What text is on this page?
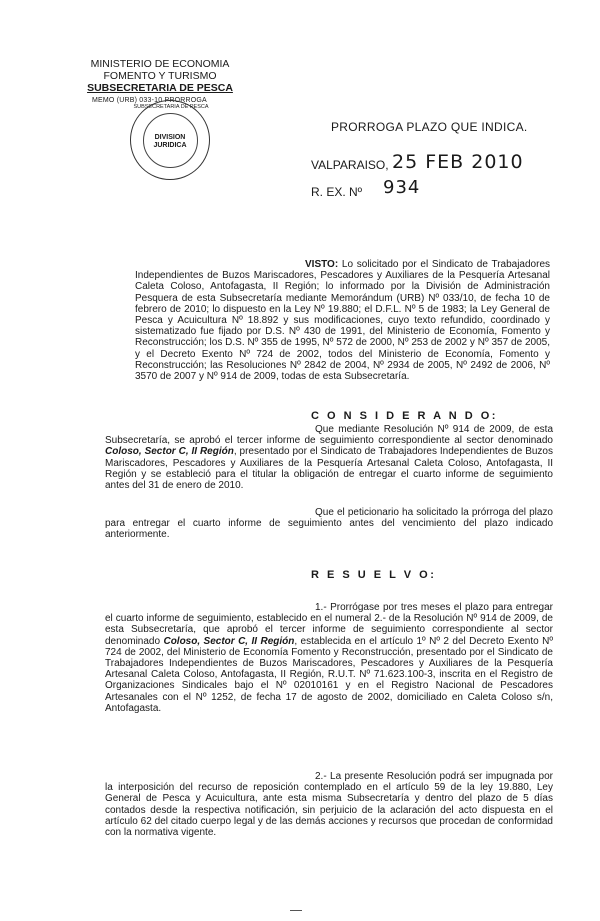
MINISTERIO DE ECONOMIA
FOMENTO Y TURISMO
SUBSECRETARIA DE PESCA
MEMO (URB) 033-10 PRORROGA
SUBSECRETARIA DE PESCA
DIVISION
JURIDICA
PRORROGA PLAZO QUE INDICA.
VALPARAISO, 25 FEB 2010
R. EX. Nº 934
VISTO: Lo solicitado por el Sindicato de Trabajadores Independientes de Buzos Mariscadores, Pescadores y Auxiliares de la Pesquería Artesanal Caleta Coloso, Antofagasta, II Región; lo informado por la División de Administración Pesquera de esta Subsecretaría mediante Memorándum (URB) Nº 033/10, de fecha 10 de febrero de 2010; lo dispuesto en la Ley Nº 19.880; el D.F.L. Nº 5 de 1983; la Ley General de Pesca y Acuicultura Nº 18.892 y sus modificaciones, cuyo texto refundido, coordinado y sistematizado fue fijado por D.S. Nº 430 de 1991, del Ministerio de Economía, Fomento y Reconstrucción; los D.S. Nº 355 de 1995, Nº 572 de 2000, Nº 253 de 2002 y Nº 357 de 2005, y el Decreto Exento Nº 724 de 2002, todos del Ministerio de Economía, Fomento y Reconstrucción; las Resoluciones Nº 2842 de 2004, Nº 2934 de 2005, Nº 2492 de 2006, Nº 3570 de 2007 y Nº 914 de 2009, todas de esta Subsecretaría.
C O N S I D E R A N D O:
Que mediante Resolución Nº 914 de 2009, de esta Subsecretaría, se aprobó el tercer informe de seguimiento correspondiente al sector denominado Coloso, Sector C, II Región, presentado por el Sindicato de Trabajadores Independientes de Buzos Mariscadores, Pescadores y Auxiliares de la Pesquería Artesanal Caleta Coloso, Antofagasta, II Región y se estableció para el titular la obligación de entregar el cuarto informe de seguimiento antes del 31 de enero de 2010.
Que el peticionario ha solicitado la prórroga del plazo para entregar el cuarto informe de seguimiento antes del vencimiento del plazo indicado anteriormente.
R E S U E L V O:
1.- Prorrógase por tres meses el plazo para entregar el cuarto informe de seguimiento, establecido en el numeral 2.- de la Resolución Nº 914 de 2009, de esta Subsecretaría, que aprobó el tercer informe de seguimiento correspondiente al sector denominado Coloso, Sector C, II Región, establecida en el artículo 1º Nº 2 del Decreto Exento Nº 724 de 2002, del Ministerio de Economía Fomento y Reconstrucción, presentado por el Sindicato de Trabajadores Independientes de Buzos Mariscadores, Pescadores y Auxiliares de la Pesquería Artesanal Caleta Coloso, Antofagasta, II Región, R.U.T. Nº 71.623.100-3, inscrita en el Registro de Organizaciones Sindicales bajo el Nº 02010161 y en el Registro Nacional de Pescadores Artesanales con el Nº 1252, de fecha 17 de agosto de 2002, domiciliado en Caleta Coloso s/n, Antofagasta.
2.- La presente Resolución podrá ser impugnada por la interposición del recurso de reposición contemplado en el artículo 59 de la ley 19.880, Ley General de Pesca y Acuicultura, ante esta misma Subsecretaría y dentro del plazo de 5 días contados desde la respectiva notificación, sin perjuicio de la aclaración del acto dispuesta en el artículo 62 del citado cuerpo legal y de las demás acciones y recursos que procedan de conformidad con la normativa vigente.
